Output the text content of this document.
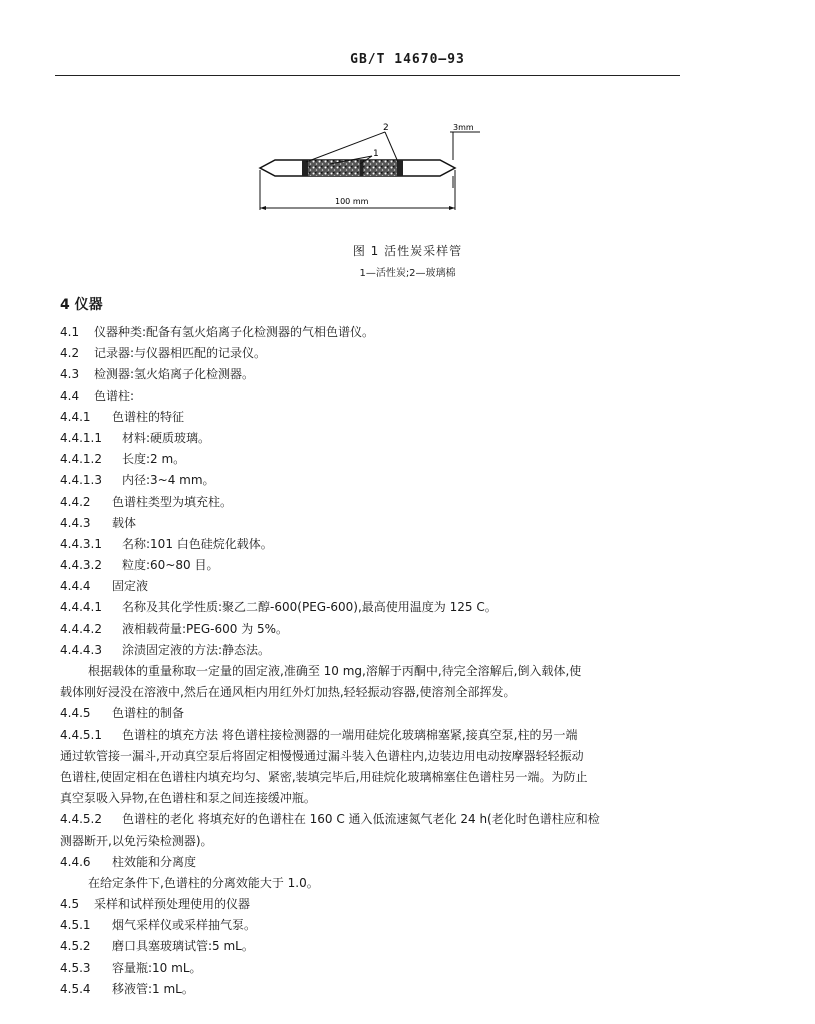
GB/T 14670—93
2
1
3mm
100 mm
图 1 活性炭采样管
1—活性炭;2—玻璃棉
4 仪器
4.1 仪器种类:配备有氢火焰离子化检测器的气相色谱仪。
4.2 记录器:与仪器相匹配的记录仪。
4.3 检测器:氢火焰离子化检测器。
4.4 色谱柱:
4.4.1 色谱柱的特征
4.4.1.1 材料:硬质玻璃。
4.4.1.2 长度:2 m。
4.4.1.3 内径:3~4 mm。
4.4.2 色谱柱类型为填充柱。
4.4.3 载体
4.4.3.1 名称:101 白色硅烷化载体。
4.4.3.2 粒度:60~80 目。
4.4.4 固定液
4.4.4.1 名称及其化学性质:聚乙二醇-600(PEG-600),最高使用温度为 125 C。
4.4.4.2 液相载荷量:PEG-600 为 5%。
4.4.4.3 涂渍固定液的方法:静态法。
根据载体的重量称取一定量的固定液,准确至 10 mg,溶解于丙酮中,待完全溶解后,倒入载体,使
载体刚好浸没在溶液中,然后在通风柜内用红外灯加热,轻轻振动容器,使溶剂全部挥发。
4.4.5 色谱柱的制备
4.4.5.1 色谱柱的填充方法 将色谱柱接检测器的一端用硅烷化玻璃棉塞紧,接真空泵,柱的另一端
通过软管接一漏斗,开动真空泵后将固定相慢慢通过漏斗装入色谱柱内,边装边用电动按摩器轻轻振动
色谱柱,使固定相在色谱柱内填充均匀、紧密,装填完毕后,用硅烷化玻璃棉塞住色谱柱另一端。为防止
真空泵吸入异物,在色谱柱和泵之间连接缓冲瓶。
4.4.5.2 色谱柱的老化 将填充好的色谱柱在 160 C 通入低流速氮气老化 24 h(老化时色谱柱应和检
测器断开,以免污染检测器)。
4.4.6 柱效能和分离度
在给定条件下,色谱柱的分离效能大于 1.0。
4.5 采样和试样预处理使用的仪器
4.5.1 烟气采样仪或采样抽气泵。
4.5.2 磨口具塞玻璃试管:5 mL。
4.5.3 容量瓶:10 mL。
4.5.4 移液管:1 mL。
